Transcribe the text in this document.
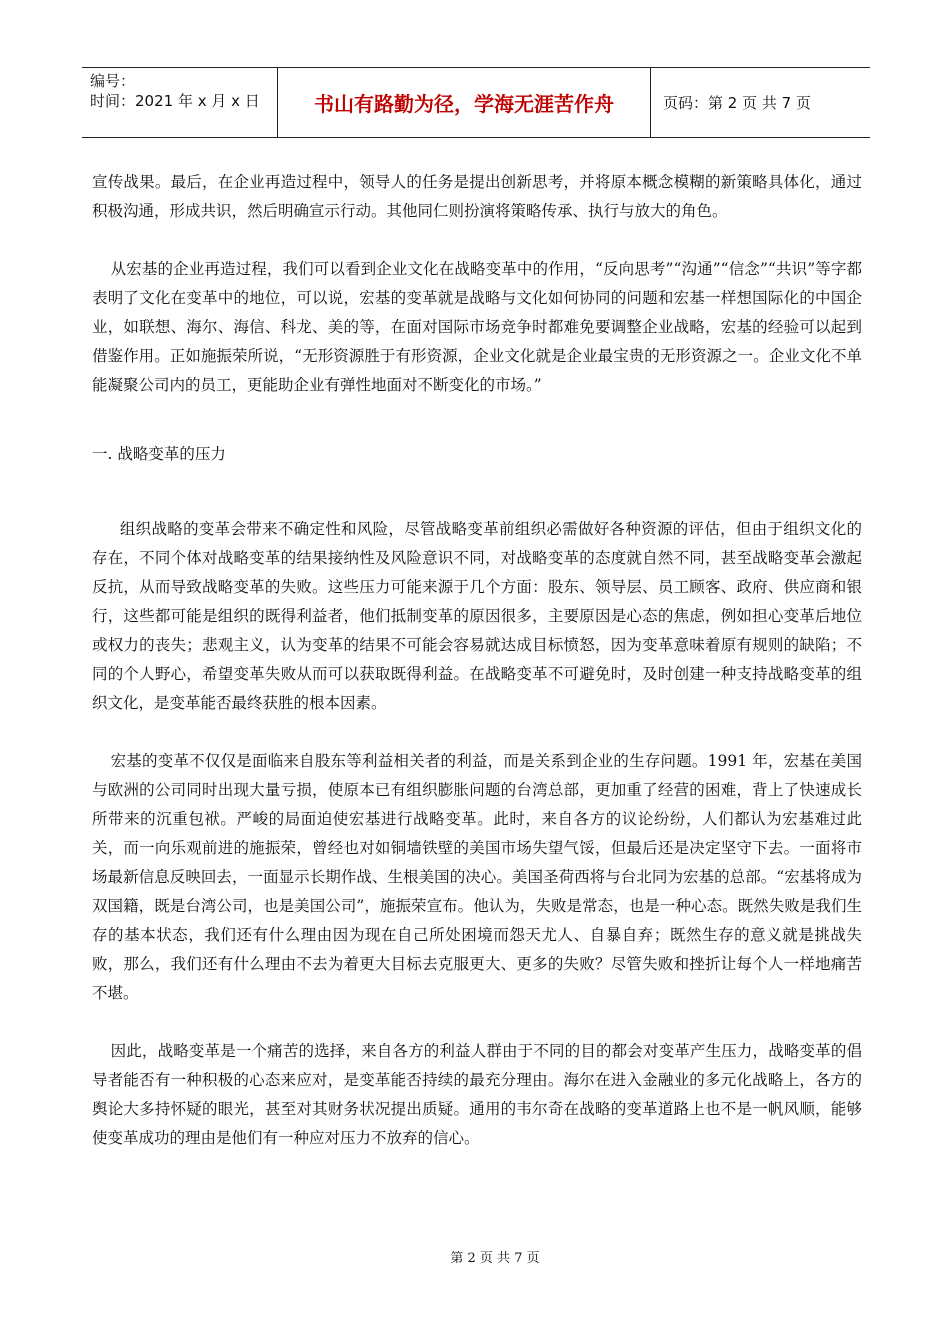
编号：
时间：2021 年 x 月 x 日	书山有路勤为径，学海无涯苦作舟	页码：第 2 页 共 7 页

宣传战果。最后，在企业再造过程中，领导人的任务是提出创新思考，并将原本概念模糊的新策略具体化，通过积极沟通，形成共识，然后明确宣示行动。其他同仁则扮演将策略传承、执行与放大的角色。

从宏基的企业再造过程，我们可以看到企业文化在战略变革中的作用，“反向思考”“沟通”“信念”“共识”等字都表明了文化在变革中的地位，可以说，宏基的变革就是战略与文化如何协同的问题和宏基一样想国际化的中国企业，如联想、海尔、海信、科龙、美的等，在面对国际市场竞争时都难免要调整企业战略，宏基的经验可以起到借鉴作用。正如施振荣所说，“无形资源胜于有形资源，企业文化就是企业最宝贵的无形资源之一。企业文化不单能凝聚公司内的员工，更能助企业有弹性地面对不断变化的市场。”

一. 战略变革的压力

组织战略的变革会带来不确定性和风险，尽管战略变革前组织必需做好各种资源的评估，但由于组织文化的存在，不同个体对战略变革的结果接纳性及风险意识不同，对战略变革的态度就自然不同，甚至战略变革会激起反抗，从而导致战略变革的失败。这些压力可能来源于几个方面：股东、领导层、员工顾客、政府、供应商和银行，这些都可能是组织的既得利益者，他们抵制变革的原因很多，主要原因是心态的焦虑，例如担心变革后地位或权力的丧失；悲观主义，认为变革的结果不可能会容易就达成目标愤怒，因为变革意味着原有规则的缺陷；不同的个人野心，希望变革失败从而可以获取既得利益。在战略变革不可避免时，及时创建一种支持战略变革的组织文化，是变革能否最终获胜的根本因素。

宏基的变革不仅仅是面临来自股东等利益相关者的利益，而是关系到企业的生存问题。1991 年，宏基在美国与欧洲的公司同时出现大量亏损，使原本已有组织膨胀问题的台湾总部，更加重了经营的困难，背上了快速成长所带来的沉重包袱。严峻的局面迫使宏基进行战略变革。此时，来自各方的议论纷纷，人们都认为宏基难过此关，而一向乐观前进的施振荣，曾经也对如铜墙铁壁的美国市场失望气馁，但最后还是决定坚守下去。一面将市场最新信息反映回去，一面显示长期作战、生根美国的决心。美国圣荷西将与台北同为宏基的总部。“宏基将成为双国籍，既是台湾公司，也是美国公司”，施振荣宣布。他认为，失败是常态，也是一种心态。既然失败是我们生存的基本状态，我们还有什么理由因为现在自己所处困境而怨天尤人、自暴自弃；既然生存的意义就是挑战失败，那么，我们还有什么理由不去为着更大目标去克服更大、更多的失败？尽管失败和挫折让每个人一样地痛苦不堪。

因此，战略变革是一个痛苦的选择，来自各方的利益人群由于不同的目的都会对变革产生压力，战略变革的倡导者能否有一种积极的心态来应对，是变革能否持续的最充分理由。海尔在进入金融业的多元化战略上，各方的舆论大多持怀疑的眼光，甚至对其财务状况提出质疑。通用的韦尔奇在战略的变革道路上也不是一帆风顺，能够使变革成功的理由是他们有一种应对压力不放弃的信心。

第 2 页 共 7 页
